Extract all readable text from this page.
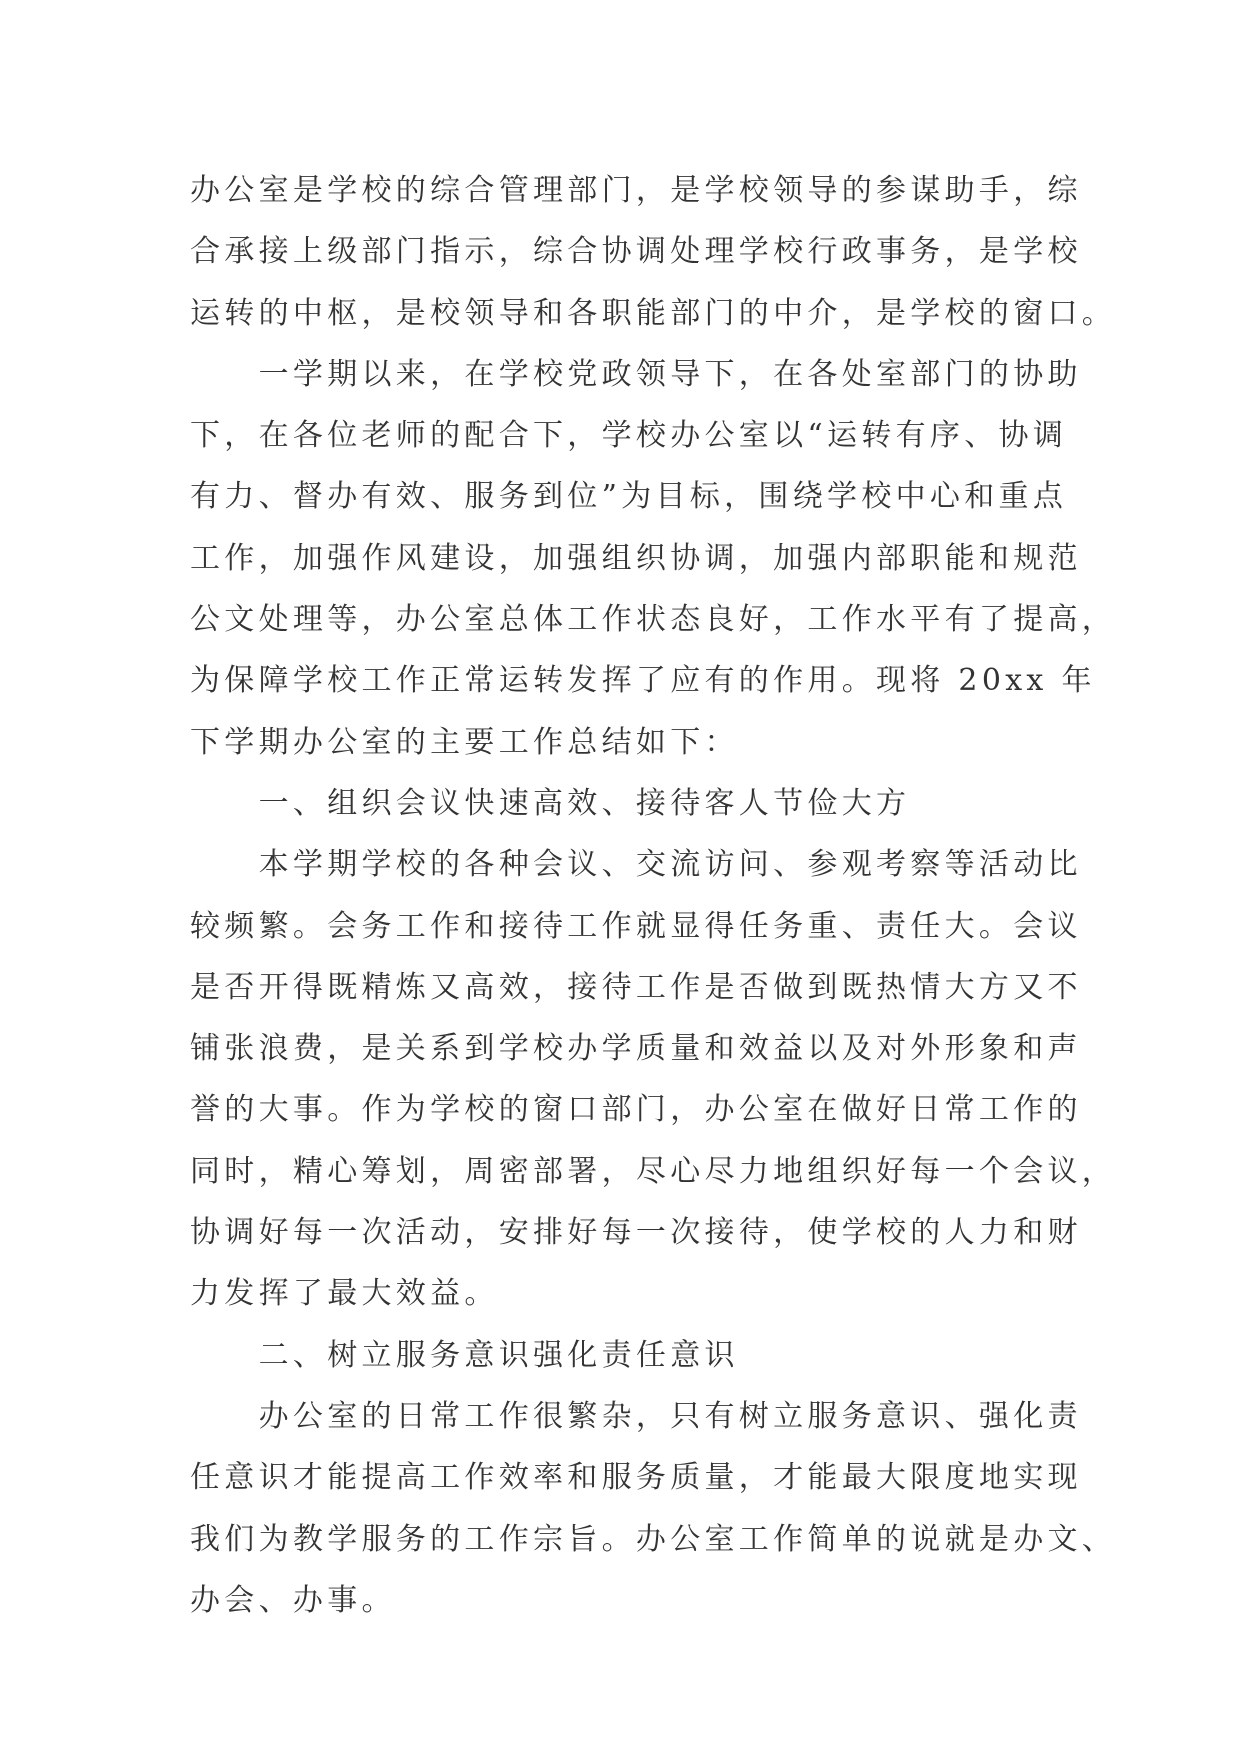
办公室是学校的综合管理部门，是学校领导的参谋助手，综
合承接上级部门指示，综合协调处理学校行政事务，是学校
运转的中枢，是校领导和各职能部门的中介，是学校的窗口。
　　一学期以来，在学校党政领导下，在各处室部门的协助
下，在各位老师的配合下，学校办公室以“运转有序、协调
有力、督办有效、服务到位”为目标，围绕学校中心和重点
工作，加强作风建设，加强组织协调，加强内部职能和规范
公文处理等，办公室总体工作状态良好，工作水平有了提高，
为保障学校工作正常运转发挥了应有的作用。现将 20xx 年
下学期办公室的主要工作总结如下：
　　一、组织会议快速高效、接待客人节俭大方
　　本学期学校的各种会议、交流访问、参观考察等活动比
较频繁。会务工作和接待工作就显得任务重、责任大。会议
是否开得既精炼又高效，接待工作是否做到既热情大方又不
铺张浪费，是关系到学校办学质量和效益以及对外形象和声
誉的大事。作为学校的窗口部门，办公室在做好日常工作的
同时，精心筹划，周密部署，尽心尽力地组织好每一个会议，
协调好每一次活动，安排好每一次接待，使学校的人力和财
力发挥了最大效益。
　　二、树立服务意识强化责任意识
　　办公室的日常工作很繁杂，只有树立服务意识、强化责
任意识才能提高工作效率和服务质量，才能最大限度地实现
我们为教学服务的工作宗旨。办公室工作简单的说就是办文、
办会、办事。
